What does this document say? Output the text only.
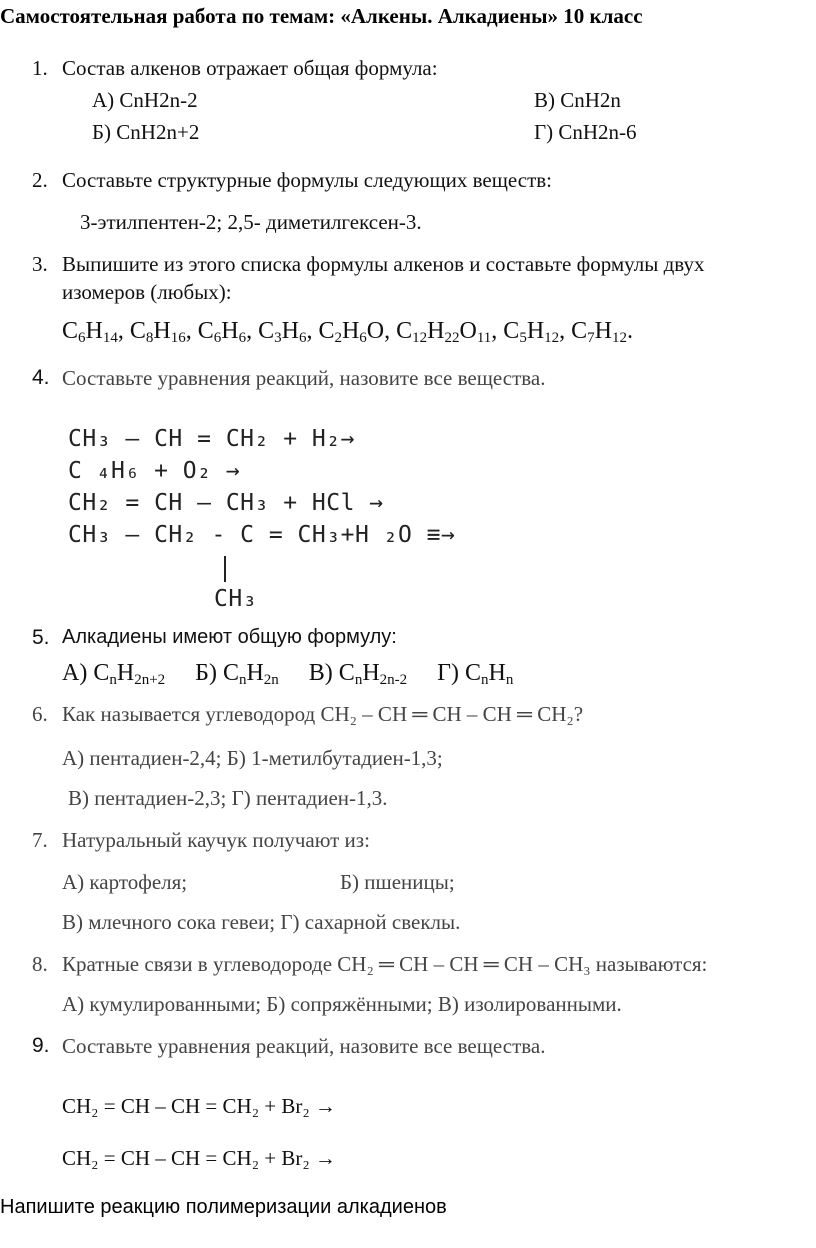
Самостоятельная работа по темам: «Алкены. Алкадиены» 10 класс
1. Состав алкенов отражает общая формула:
А) CnH2n-2
Б) CnH2n+2
В) CnH2n
Г) CnH2n-6
2. Составьте структурные формулы следующих веществ:
3-этилпентен-2; 2,5- диметилгексен-3.
3. Выпишите из этого списка формулы алкенов и составьте формулы двух
изомеров (любых):
$C_6H_{14}$, $C_8H_{16}$, $C_6H_6$, $C_3H_6$, $C_2H_6O$, $C_{12}H_{22}O_{11}$, $C_5H_{12}$, $C_7H_{12}$.
4. Составьте уравнения реакций, назовите все вещества.
CH₃ – CH = CH₂ + H₂→
C ₄H₆ + O₂ →
CH₂ = CH – CH₃ + HCl →
CH₃ – CH₂ - C = CH₃+H ₂O ≡→
CH₃
5. Алкадиены имеют общую формулу:
А) $C_nH_{2n+2}$ Б) $C_nH_{2n}$ В) $C_nH_{2n-2}$ Г) $C_nH_n$
6. Как называется углеводород CH₂ – CH ═ CH – CH ═ CH₂?
А) пентадиен-2,4; Б) 1-метилбутадиен-1,3;
В) пентадиен-2,3; Г) пентадиен-1,3.
7. Натуральный каучук получают из:
А) картофеля;	Б) пшеницы;
В) млечного сока гевеи; Г) сахарной свеклы.
8. Кратные связи в углеводороде CH₂ ═ CH – CH ═ CH – CH₃ называются:
А) кумулированными; Б) сопряжёнными; В) изолированными.
9. Составьте уравнения реакций, назовите все вещества.
CH₂ = CH – CH = CH₂ + Br₂ →
CH₂ = CH – CH = CH₂ + Br₂ →
Напишите реакцию полимеризации алкадиенов
